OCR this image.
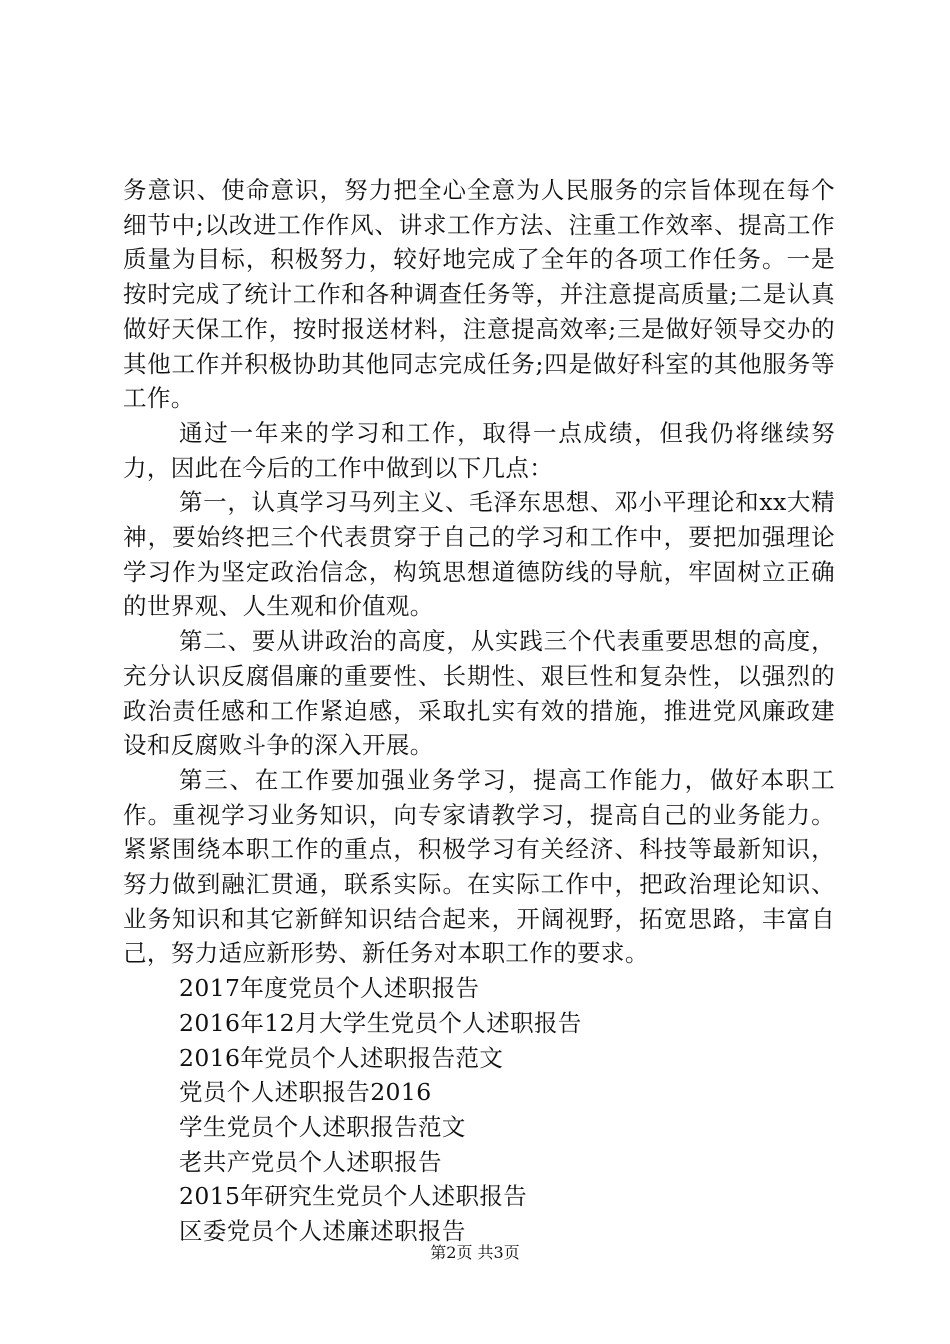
务意识、使命意识，努力把全心全意为人民服务的宗旨体现在每个细节中;以改进工作作风、讲求工作方法、注重工作效率、提高工作质量为目标，积极努力，较好地完成了全年的各项工作任务。一是按时完成了统计工作和各种调查任务等，并注意提高质量;二是认真做好天保工作，按时报送材料，注意提高效率;三是做好领导交办的其他工作并积极协助其他同志完成任务;四是做好科室的其他服务等工作。

通过一年来的学习和工作，取得一点成绩，但我仍将继续努力，因此在今后的工作中做到以下几点：

第一，认真学习马列主义、毛泽东思想、邓小平理论和xx大精神，要始终把三个代表贯穿于自己的学习和工作中，要把加强理论学习作为坚定政治信念，构筑思想道德防线的导航，牢固树立正确的世界观、人生观和价值观。

第二、要从讲政治的高度，从实践三个代表重要思想的高度，充分认识反腐倡廉的重要性、长期性、艰巨性和复杂性，以强烈的政治责任感和工作紧迫感，采取扎实有效的措施，推进党风廉政建设和反腐败斗争的深入开展。

第三、在工作要加强业务学习，提高工作能力，做好本职工作。重视学习业务知识，向专家请教学习，提高自己的业务能力。紧紧围绕本职工作的重点，积极学习有关经济、科技等最新知识，努力做到融汇贯通，联系实际。在实际工作中，把政治理论知识、业务知识和其它新鲜知识结合起来，开阔视野，拓宽思路，丰富自己，努力适应新形势、新任务对本职工作的要求。

2017年度党员个人述职报告
2016年12月大学生党员个人述职报告
2016年党员个人述职报告范文
党员个人述职报告2016
学生党员个人述职报告范文
老共产党员个人述职报告
2015年研究生党员个人述职报告
区委党员个人述廉述职报告
第2页 共3页
